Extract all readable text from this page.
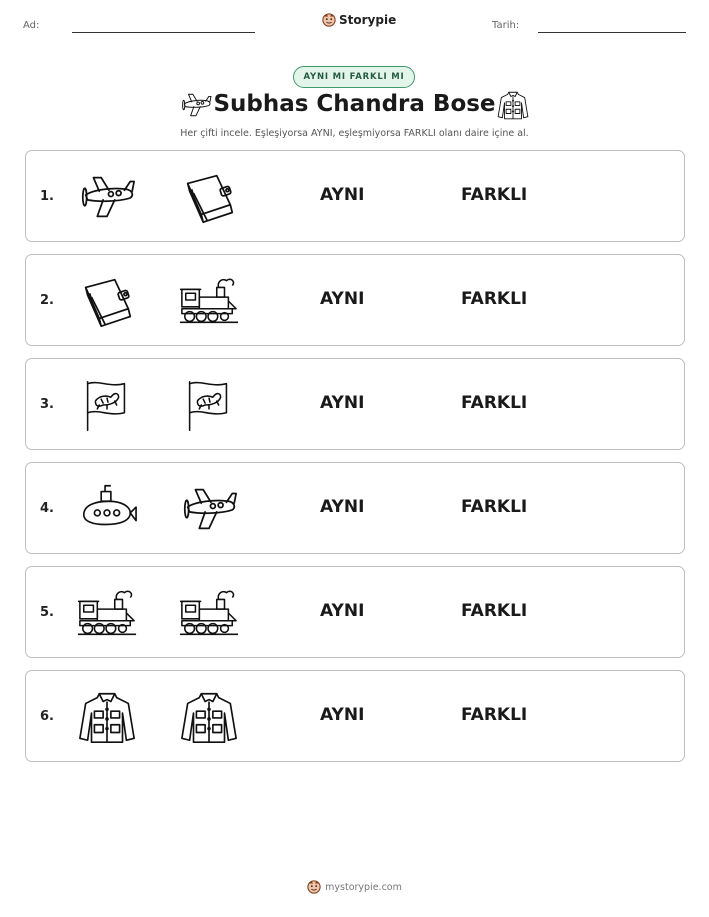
Ad:	Storypie	Tarih:
AYNI MI FARKLI MI
Subhas Chandra Bose
Her çifti incele. Eşleşiyorsa AYNI, eşleşmiyorsa FARKLI olanı daire içine al.
1.	AYNI	FARKLI
2.	AYNI	FARKLI
3.	AYNI	FARKLI
4.	AYNI	FARKLI
5.	AYNI	FARKLI
6.	AYNI	FARKLI
mystorypie.com
